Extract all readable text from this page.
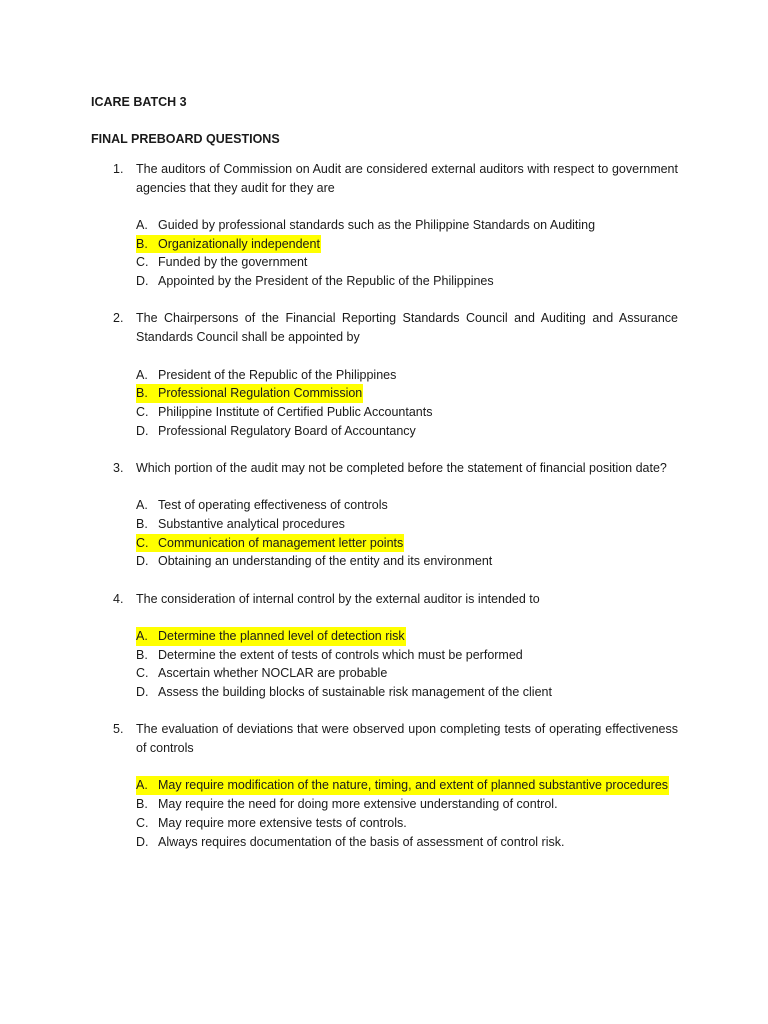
ICARE BATCH 3

FINAL PREBOARD QUESTIONS

1. The auditors of Commission on Audit are considered external auditors with respect to government agencies that they audit for they are

A. Guided by professional standards such as the Philippine Standards on Auditing
B. Organizationally independent
C. Funded by the government
D. Appointed by the President of the Republic of the Philippines
2. The Chairpersons of the Financial Reporting Standards Council and Auditing and Assurance Standards Council shall be appointed by

A. President of the Republic of the Philippines
B. Professional Regulation Commission
C. Philippine Institute of Certified Public Accountants
D. Professional Regulatory Board of Accountancy
3. Which portion of the audit may not be completed before the statement of financial position date?

A. Test of operating effectiveness of controls
B. Substantive analytical procedures
C. Communication of management letter points
D. Obtaining an understanding of the entity and its environment
4. The consideration of internal control by the external auditor is intended to

A. Determine the planned level of detection risk
B. Determine the extent of tests of controls which must be performed
C. Ascertain whether NOCLAR are probable
D. Assess the building blocks of sustainable risk management of the client
5. The evaluation of deviations that were observed upon completing tests of operating effectiveness of controls

A. May require modification of the nature, timing, and extent of planned substantive procedures
B. May require the need for doing more extensive understanding of control.
C. May require more extensive tests of controls.
D. Always requires documentation of the basis of assessment of control risk.
